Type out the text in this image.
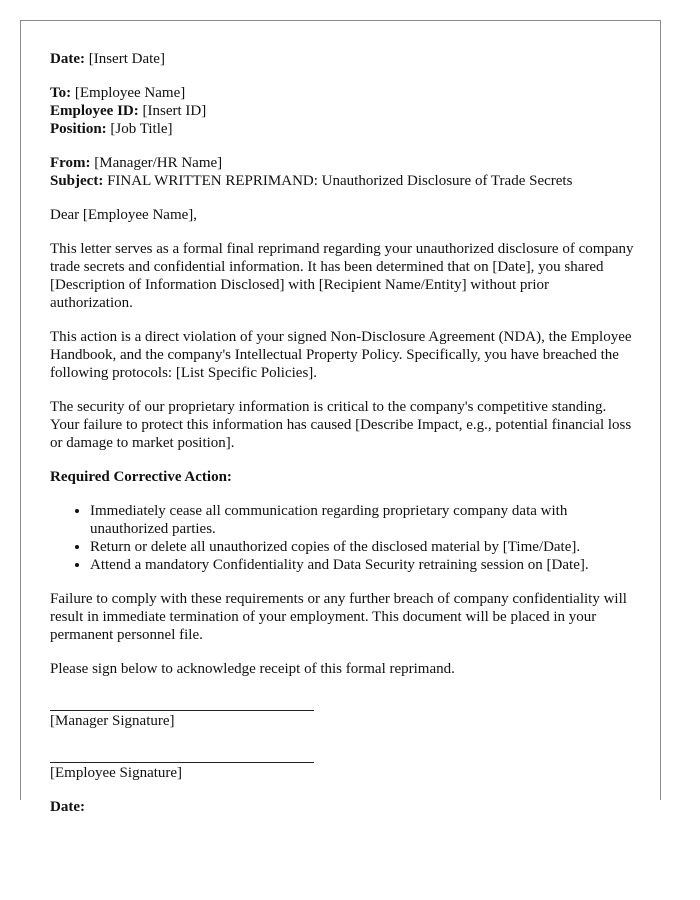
Date: [Insert Date]
To: [Employee Name]
Employee ID: [Insert ID]
Position: [Job Title]
From: [Manager/HR Name]
Subject: FINAL WRITTEN REPRIMAND: Unauthorized Disclosure of Trade Secrets

Dear [Employee Name],

This letter serves as a formal final reprimand regarding your unauthorized disclosure of company trade secrets and confidential information. It has been determined that on [Date], you shared [Description of Information Disclosed] with [Recipient Name/Entity] without prior authorization.

This action is a direct violation of your signed Non-Disclosure Agreement (NDA), the Employee Handbook, and the company's Intellectual Property Policy. Specifically, you have breached the following protocols: [List Specific Policies].

The security of our proprietary information is critical to the company's competitive standing. Your failure to protect this information has caused [Describe Impact, e.g., potential financial loss or damage to market position].

Required Corrective Action:

• Immediately cease all communication regarding proprietary company data with unauthorized parties.
• Return or delete all unauthorized copies of the disclosed material by [Time/Date].
• Attend a mandatory Confidentiality and Data Security retraining session on [Date].

Failure to comply with these requirements or any further breach of company confidentiality will result in immediate termination of your employment. This document will be placed in your permanent personnel file.

Please sign below to acknowledge receipt of this formal reprimand.

[Manager Signature]
[Employee Signature]
Date:
